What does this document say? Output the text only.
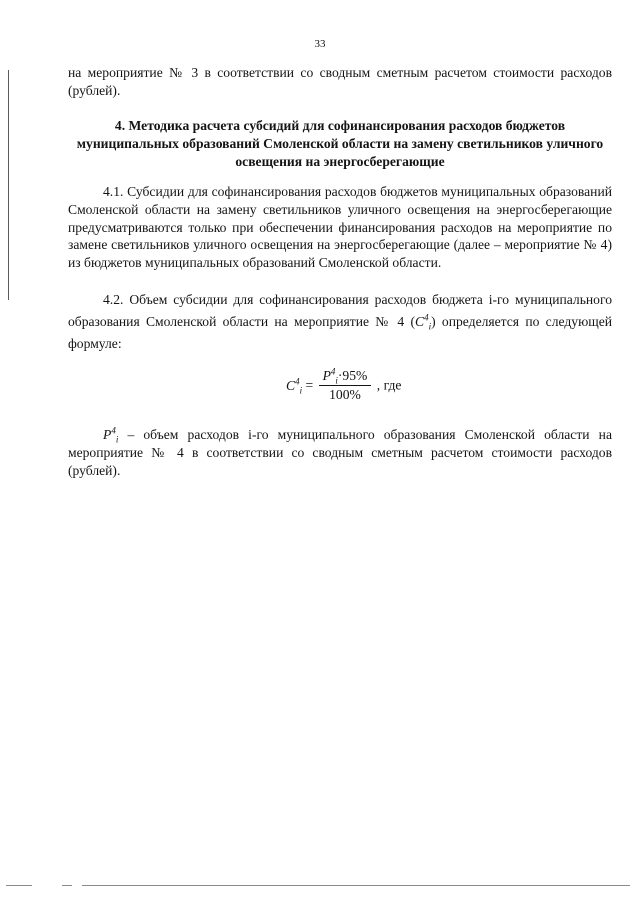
33
на мероприятие № 3 в соответствии со сводным сметным расчетом стоимости расходов (рублей).
4. Методика расчета субсидий для софинансирования расходов бюджетов муниципальных образований Смоленской области на замену светильников уличного освещения на энергосберегающие
4.1. Субсидии для софинансирования расходов бюджетов муниципальных образований Смоленской области на замену светильников уличного освещения на энергосберегающие предусматриваются только при обеспечении финансирования расходов на мероприятие по замене светильников уличного освещения на энергосберегающие (далее – мероприятие № 4) из бюджетов муниципальных образований Смоленской области.
4.2. Объем субсидии для софинансирования расходов бюджета i-го муниципального образования Смоленской области на мероприятие № 4 $(C^4_i)$ определяется по следующей формуле:
$C^4_i = \frac{P^4_i\cdot 95\%}{100\%}$ , где
$P^4_i$ – объем расходов i-го муниципального образования Смоленской области на мероприятие № 4 в соответствии со сводным сметным расчетом стоимости расходов (рублей).
